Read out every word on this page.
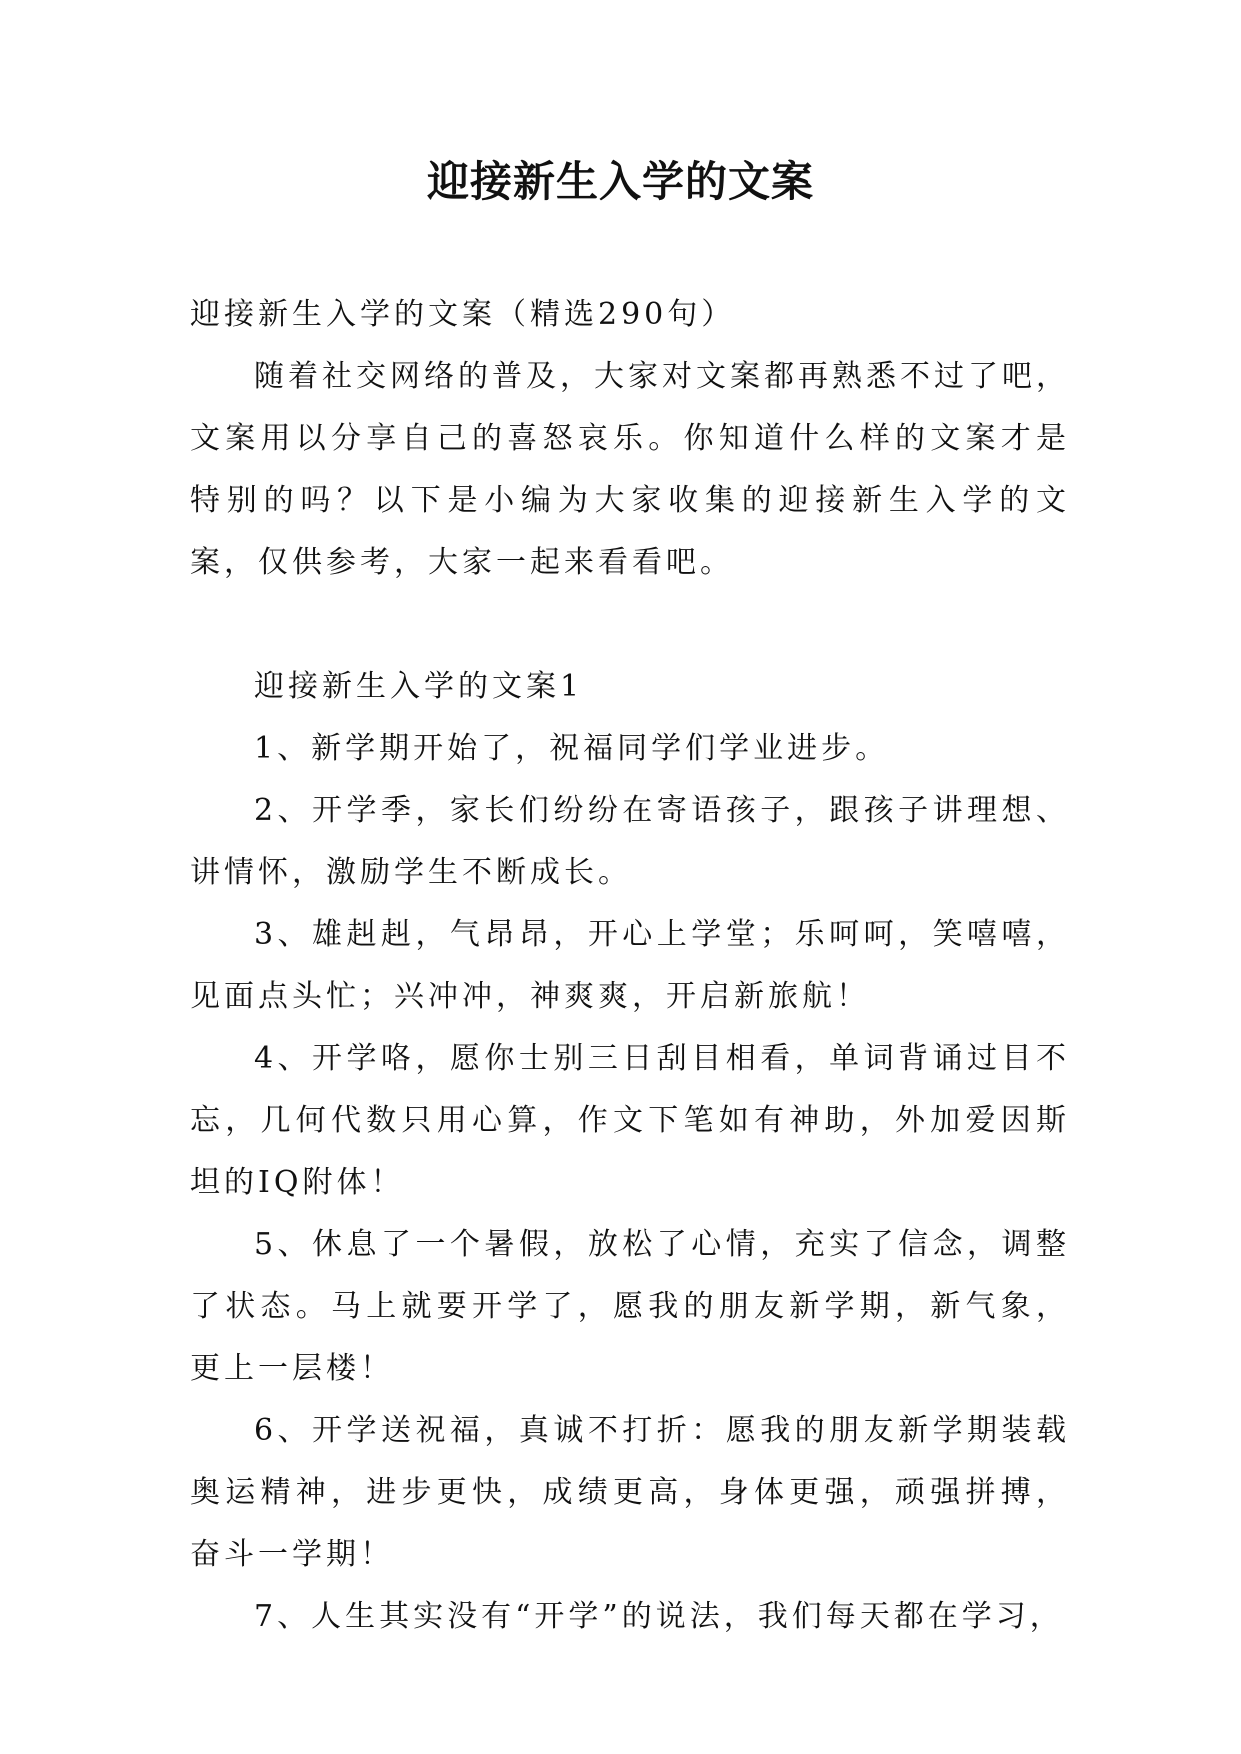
迎接新生入学的文案

迎接新生入学的文案（精选290句）

随着社交网络的普及，大家对文案都再熟悉不过了吧，文案用以分享自己的喜怒哀乐。你知道什么样的文案才是特别的吗？以下是小编为大家收集的迎接新生入学的文案，仅供参考，大家一起来看看吧。

迎接新生入学的文案1

1、新学期开始了，祝福同学们学业进步。

2、开学季，家长们纷纷在寄语孩子，跟孩子讲理想、讲情怀，激励学生不断成长。

3、雄赳赳，气昂昂，开心上学堂；乐呵呵，笑嘻嘻，见面点头忙；兴冲冲，神爽爽，开启新旅航！

4、开学咯，愿你士别三日刮目相看，单词背诵过目不忘，几何代数只用心算，作文下笔如有神助，外加爱因斯坦的IQ附体！

5、休息了一个暑假，放松了心情，充实了信念，调整了状态。马上就要开学了，愿我的朋友新学期，新气象，更上一层楼！

6、开学送祝福，真诚不打折：愿我的朋友新学期装载奥运精神，进步更快，成绩更高，身体更强，顽强拼搏，奋斗一学期！

7、人生其实没有“开学”的说法，我们每天都在学习，
